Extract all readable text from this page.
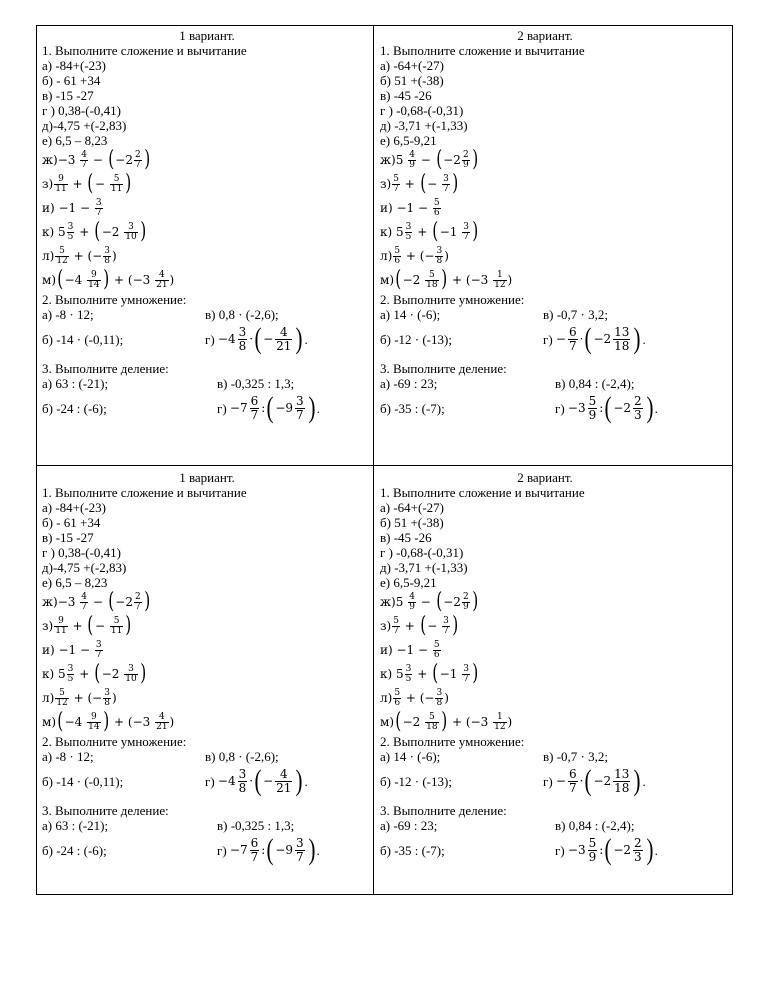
1 вариант.
1. Выполните сложение и вычитание
а) -84+(-23)
б) - 61 +34
в) -15 -27
г ) 0,38-(-0,41)
д)-4,75 +(-2,83)
е) 6,5 – 8,23
ж)−3
$\frac{4}{7}$
−
( $-2 \frac{2}{7}$ )
$з) \frac{9}{11}$
+
( −
$\frac{5}{11}$ )
и) −1 −
$\frac{3}{7}$
к) $5 \frac{3}{5}$
+
( −2
$\frac{3}{10}$ )
$л) \frac{5}{12}$
+ (− $\frac{3}{8}$ )
м) ( −4
$\frac{9}{14}$ )
+ (−3
$\frac{4}{21}$ )
2. Выполните умножение:
а) -8 · 12;	в) 0,8 · (-2,6);
б) -14 · (-0,11);	г)
$-4 \frac{3}{8}$ · ( − $\frac{4}{21}$ ) .
3. Выполните деление:
а) 63 : (-21);	в) -0,325 : 1,3;
б) -24 : (-6);	г)
$-7 \frac{6}{7}$ : ( $-9 \frac{3}{7}$ ) .
2 вариант.
1. Выполните сложение и вычитание
а) -64+(-27)
б) 51 +(-38)
в) -45 -26
г ) -0,68-(-0,31)
д) -3,71 +(-1,33)
е) 6,5-9,21
ж)5
$\frac{4}{9}$
−
( $-2 \frac{2}{9}$ )
$з) \frac{5}{7}$
+
( −
$\frac{3}{7}$ )
и) −1 −
$\frac{5}{6}$
к) $5 \frac{3}{5}$
+
( −1
$\frac{3}{7}$ )
$л) \frac{5}{6}$
+ (− $\frac{3}{8}$ )
м) ( −2
$\frac{5}{18}$ )
+ (−3
$\frac{1}{12}$ )
2. Выполните умножение:
а) 14 · (-6);	в) -0,7 · 3,2;
б) -12 · (-13);	г)
− $\frac{6}{7}$ · ( $-2 \frac{13}{18}$ ) .
3. Выполните деление:
а) -69 : 23;	в) 0,84 : (-2,4);
б) -35 : (-7);	г)
$-3 \frac{5}{9}$ : ( $-2 \frac{2}{3}$ ) .
1 вариант.
1. Выполните сложение и вычитание
а) -84+(-23)
б) - 61 +34
в) -15 -27
г ) 0,38-(-0,41)
д)-4,75 +(-2,83)
е) 6,5 – 8,23
ж)−3
$\frac{4}{7}$
−
( $-2 \frac{2}{7}$ )
$з) \frac{9}{11}$
+
( −
$\frac{5}{11}$ )
и) −1 −
$\frac{3}{7}$
к) $5 \frac{3}{5}$
+
( −2
$\frac{3}{10}$ )
$л) \frac{5}{12}$
+ (− $\frac{3}{8}$ )
м) ( −4
$\frac{9}{14}$ )
+ (−3
$\frac{4}{21}$ )
2. Выполните умножение:
а) -8 · 12;	в) 0,8 · (-2,6);
б) -14 · (-0,11);	г)
$-4 \frac{3}{8}$ · ( − $\frac{4}{21}$ ) .
3. Выполните деление:
а) 63 : (-21);	в) -0,325 : 1,3;
б) -24 : (-6);	г)
$-7 \frac{6}{7}$ : ( $-9 \frac{3}{7}$ ) .
2 вариант.
1. Выполните сложение и вычитание
а) -64+(-27)
б) 51 +(-38)
в) -45 -26
г ) -0,68-(-0,31)
д) -3,71 +(-1,33)
е) 6,5-9,21
ж)5
$\frac{4}{9}$
−
( $-2 \frac{2}{9}$ )
$з) \frac{5}{7}$
+
( −
$\frac{3}{7}$ )
и) −1 −
$\frac{5}{6}$
к) $5 \frac{3}{5}$
+
( −1
$\frac{3}{7}$ )
$л) \frac{5}{6}$
+ (− $\frac{3}{8}$ )
м) ( −2
$\frac{5}{18}$ )
+ (−3
$\frac{1}{12}$ )
2. Выполните умножение:
а) 14 · (-6);	в) -0,7 · 3,2;
б) -12 · (-13);	г)
− $\frac{6}{7}$ · ( $-2 \frac{13}{18}$ ) .
3. Выполните деление:
а) -69 : 23;	в) 0,84 : (-2,4);
б) -35 : (-7);	г)
$-3 \frac{5}{9}$ : ( $-2 \frac{2}{3}$ ) .
